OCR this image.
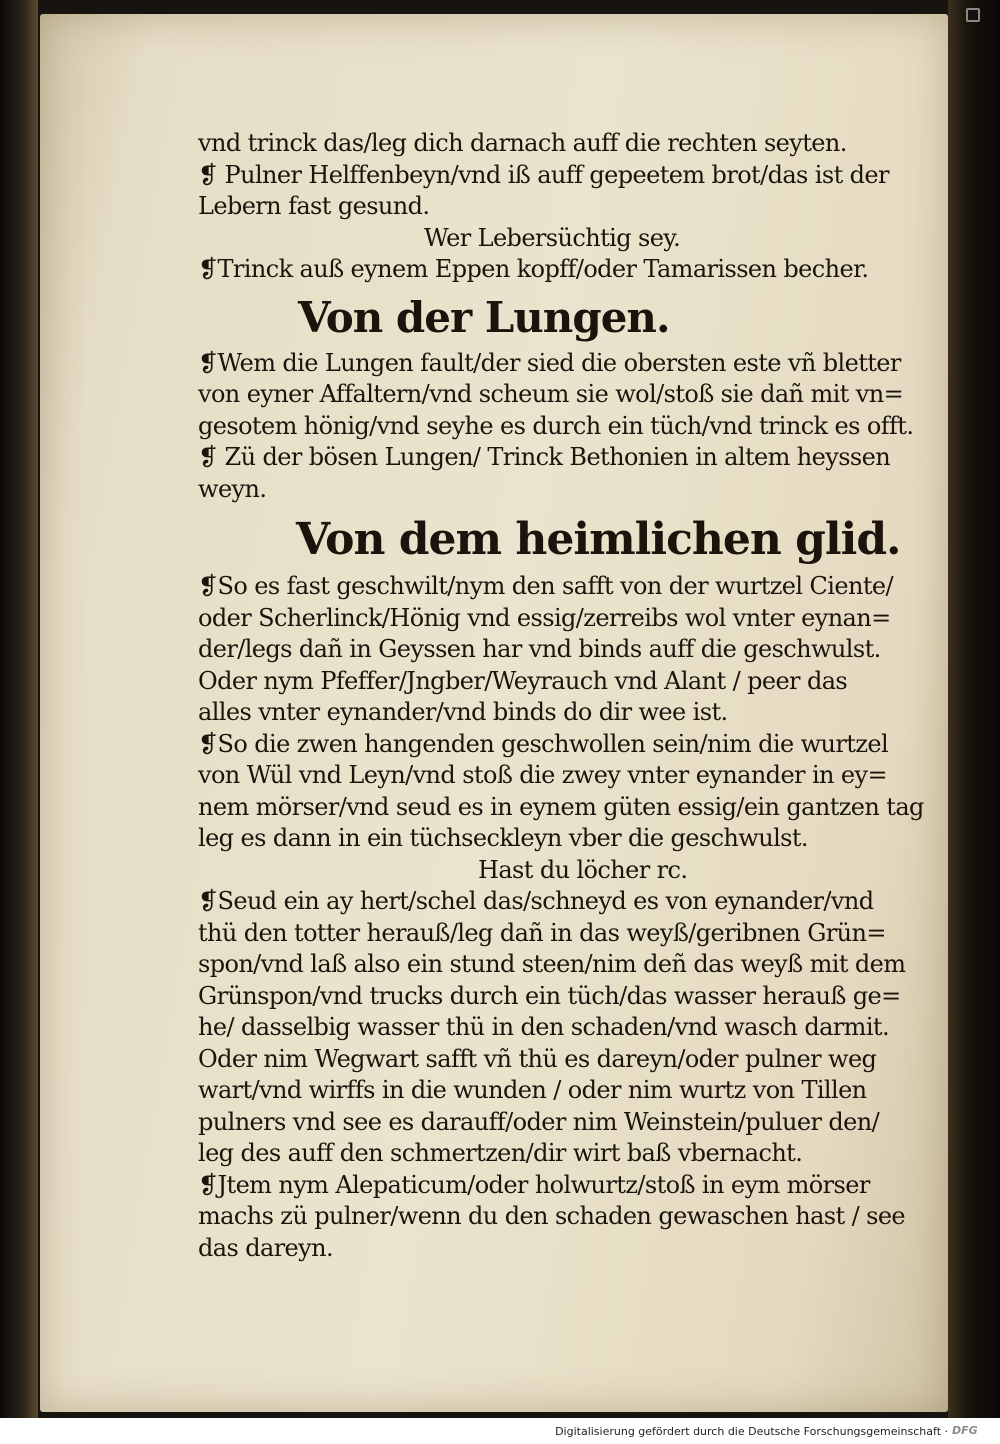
vnd trinck das/leg dich darnach auff die rechten seyten.
❡ Pulner Helffenbeyn/vnd iß auff gepeetem brot/das ist der
Lebern fast gesund.
Wer Lebersüchtig sey.
❡Trinck auß eynem Eppen kopff/oder Tamarissen becher.
Von der Lungen.
❡Wem die Lungen fault/der sied die obersten este vñ bletter
von eyner Affaltern/vnd scheum sie wol/stoß sie dañ mit vn=
gesotem hönig/vnd seyhe es durch ein tüch/vnd trinck es offt.
❡ Zü der bösen Lungen/ Trinck Bethonien in altem heyssen
weyn.
Von dem heimlichen glid.
❡So es fast geschwilt/nym den safft von der wurtzel Ciente/
oder Scherlinck/Hönig vnd essig/zerreibs wol vnter eynan=
der/legs dañ in Geyssen har vnd binds auff die geschwulst.
Oder nym Pfeffer/Jngber/Weyrauch vnd Alant / peer das
alles vnter eynander/vnd binds do dir wee ist.
❡So die zwen hangenden geschwollen sein/nim die wurtzel
von Wül vnd Leyn/vnd stoß die zwey vnter eynander in ey=
nem mörser/vnd seud es in eynem güten essig/ein gantzen tag
leg es dann in ein tüchseckleyn vber die geschwulst.
Hast du löcher rc.
❡Seud ein ay hert/schel das/schneyd es von eynander/vnd
thü den totter herauß/leg dañ in das weyß/geribnen Grün=
spon/vnd laß also ein stund steen/nim deñ das weyß mit dem
Grünspon/vnd trucks durch ein tüch/das wasser herauß ge=
he/ dasselbig wasser thü in den schaden/vnd wasch darmit.
Oder nim Wegwart safft vñ thü es dareyn/oder pulner weg
wart/vnd wirffs in die wunden / oder nim wurtz von Tillen
pulners vnd see es darauff/oder nim Weinstein/puluer den/
leg des auff den schmertzen/dir wirt baß vbernacht.
❡Jtem nym Alepaticum/oder holwurtz/stoß in eym mörser
machs zü pulner/wenn du den schaden gewaschen hast / see
das dareyn.
Digitalisierung gefördert durch die Deutsche Forschungsgemeinschaft · DFG
